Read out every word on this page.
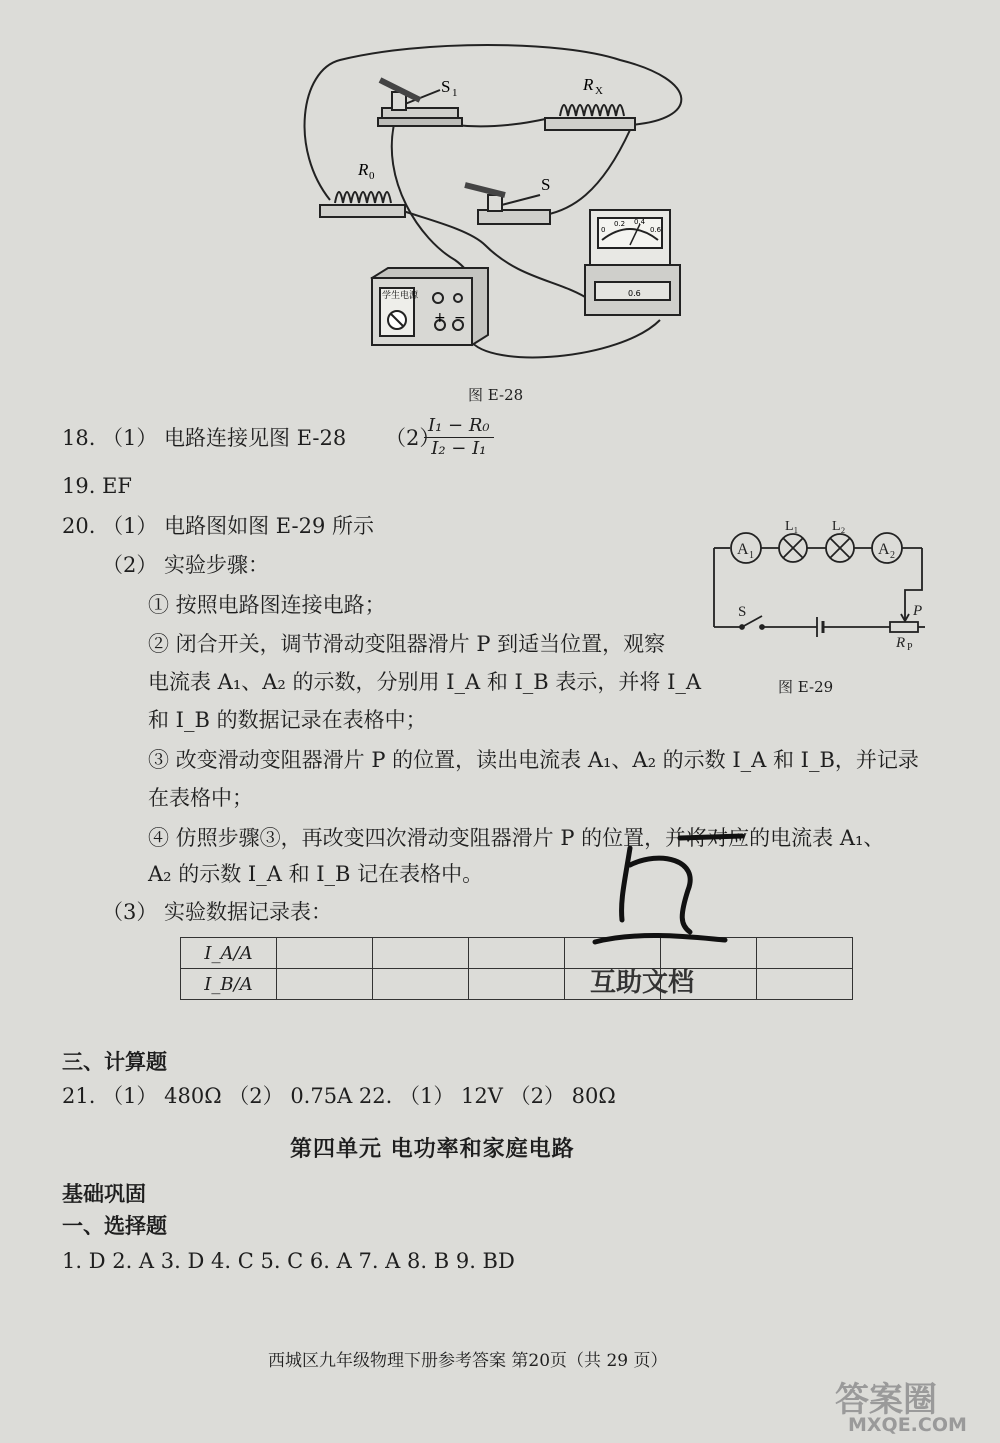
S 1	R X
R 0	S
学生电源
0
0.2 0.4
0.6
0.6
+ −
图 E-28
18. （1） 电路连接见图 E-28 （2）
$\frac{\text{I₁ − R₀}}{\text{I₂ − I₁}}$
19. EF
20. （1） 电路图如图 E-29 所示
（2） 实验步骤：
① 按照电路图连接电路；
② 闭合开关，调节滑动变阻器滑片 P 到适当位置，观察
电流表 A₁、A₂ 的示数，分别用 I_A 和 I_B 表示，并将 I_A
和 I_B 的数据记录在表格中；
③ 改变滑动变阻器滑片 P 的位置，读出电流表 A₁、A₂ 的示数 I_A 和 I_B，并记录
在表格中；
④ 仿照步骤③，再改变四次滑动变阻器滑片 P 的位置，并将对应的电流表 A₁、
A₂ 的示数 I_A 和 I_B 记在表格中。
（3） 实验数据记录表：
A 1	A 2
L₁ L₂
S	P
R P
图 E-29
I_A/A						
I_B/A							互助文档
三、计算题
21. （1） 480Ω （2） 0.75A 22. （1） 12V （2） 80Ω
第四单元 电功率和家庭电路
基础巩固
一、选择题
1. D 2. A 3. D 4. C 5. C 6. A 7. A 8. B 9. BD
西城区九年级物理下册参考答案 第20页（共 29 页）
答案圈
MXQE.COM
